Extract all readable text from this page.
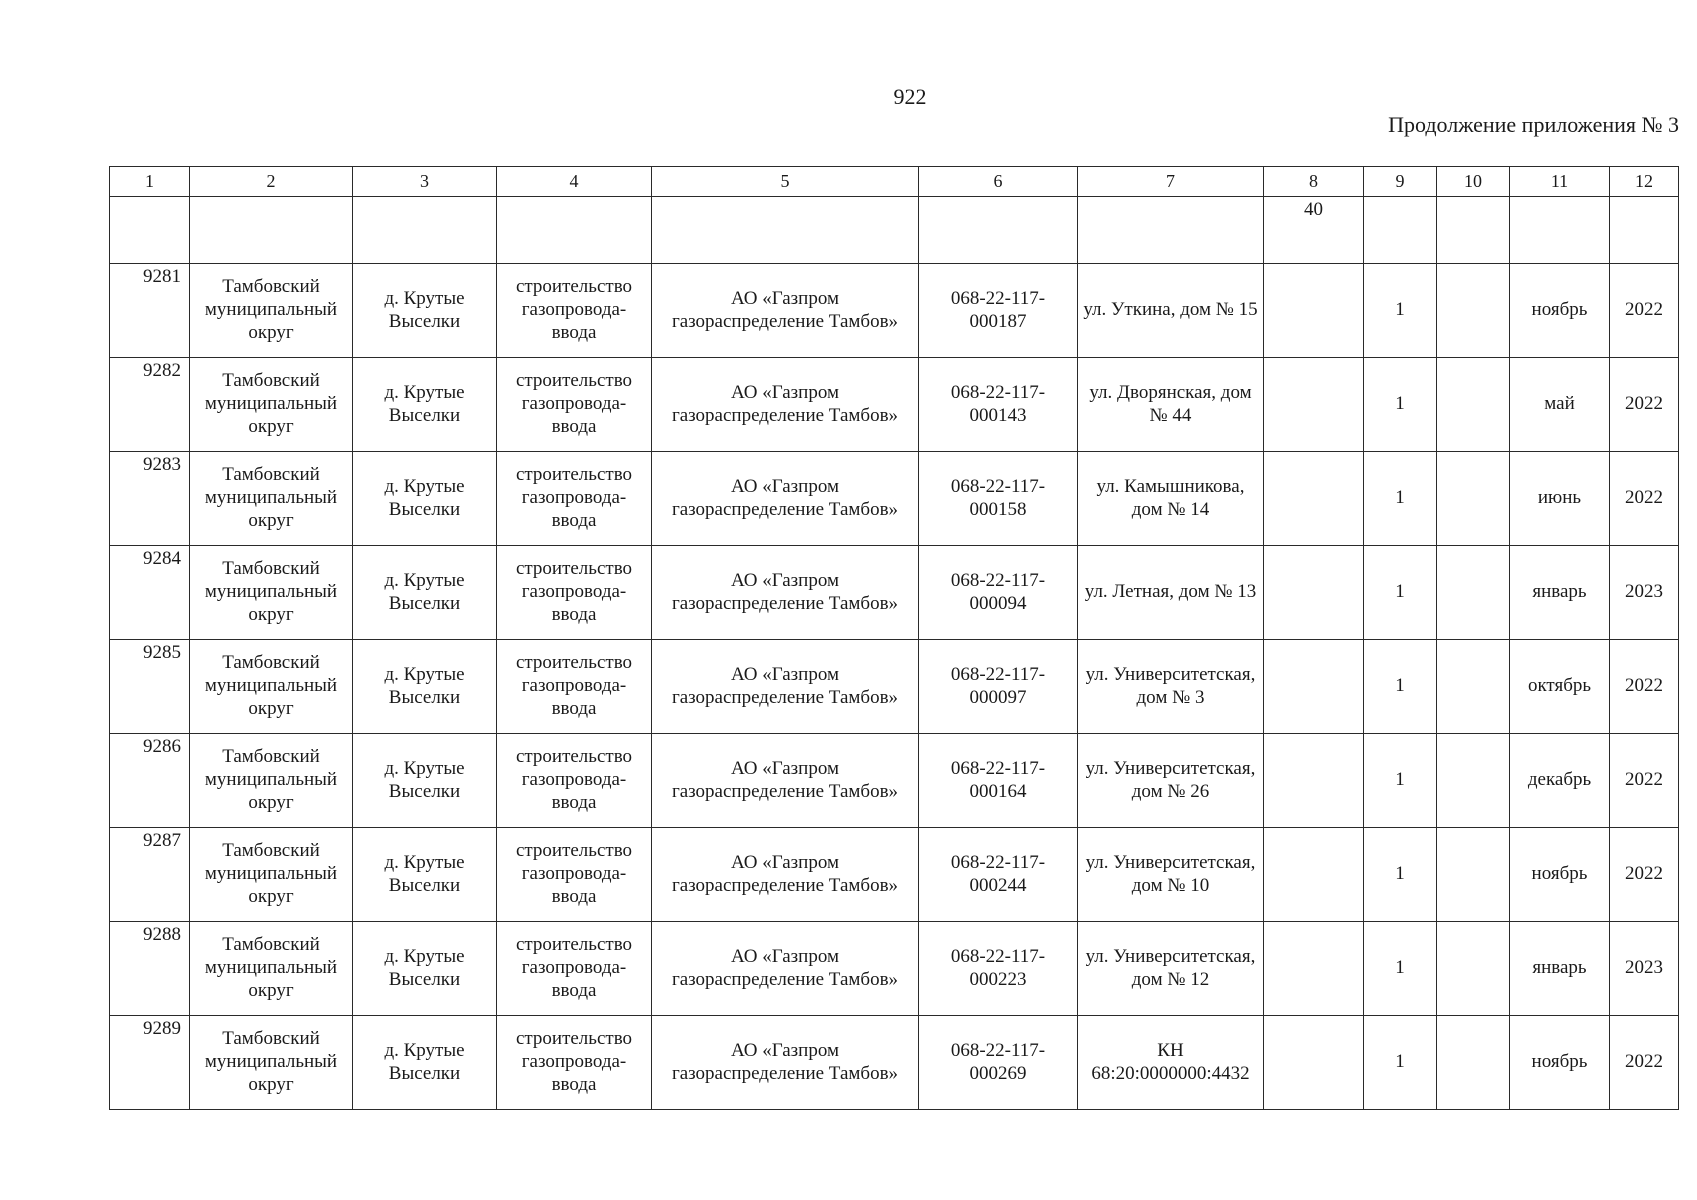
922
Продолжение приложения № 3
1	2	3	4	5	6	7	8	9	10	11	12
							40				
9281	Тамбовский муниципальный округ	д. Крутые Выселки	строительство газопровода-ввода	АО «Газпром газораспределение Тамбов»	068-22-117-000187	ул. Уткина, дом № 15		1		ноябрь	2022
9282	Тамбовский муниципальный округ	д. Крутые Выселки	строительство газопровода-ввода	АО «Газпром газораспределение Тамбов»	068-22-117-000143	ул. Дворянская, дом № 44		1		май	2022
9283	Тамбовский муниципальный округ	д. Крутые Выселки	строительство газопровода-ввода	АО «Газпром газораспределение Тамбов»	068-22-117-000158	ул. Камышникова, дом № 14		1		июнь	2022
9284	Тамбовский муниципальный округ	д. Крутые Выселки	строительство газопровода-ввода	АО «Газпром газораспределение Тамбов»	068-22-117-000094	ул. Летная, дом № 13		1		январь	2023
9285	Тамбовский муниципальный округ	д. Крутые Выселки	строительство газопровода-ввода	АО «Газпром газораспределение Тамбов»	068-22-117-000097	ул. Университетская, дом № 3		1		октябрь	2022
9286	Тамбовский муниципальный округ	д. Крутые Выселки	строительство газопровода-ввода	АО «Газпром газораспределение Тамбов»	068-22-117-000164	ул. Университетская, дом № 26		1		декабрь	2022
9287	Тамбовский муниципальный округ	д. Крутые Выселки	строительство газопровода-ввода	АО «Газпром газораспределение Тамбов»	068-22-117-000244	ул. Университетская, дом № 10		1		ноябрь	2022
9288	Тамбовский муниципальный округ	д. Крутые Выселки	строительство газопровода-ввода	АО «Газпром газораспределение Тамбов»	068-22-117-000223	ул. Университетская, дом № 12		1		январь	2023
9289	Тамбовский муниципальный округ	д. Крутые Выселки	строительство газопровода-ввода	АО «Газпром газораспределение Тамбов»	068-22-117-000269	КН 68:20:0000000:4432		1		ноябрь	2022
